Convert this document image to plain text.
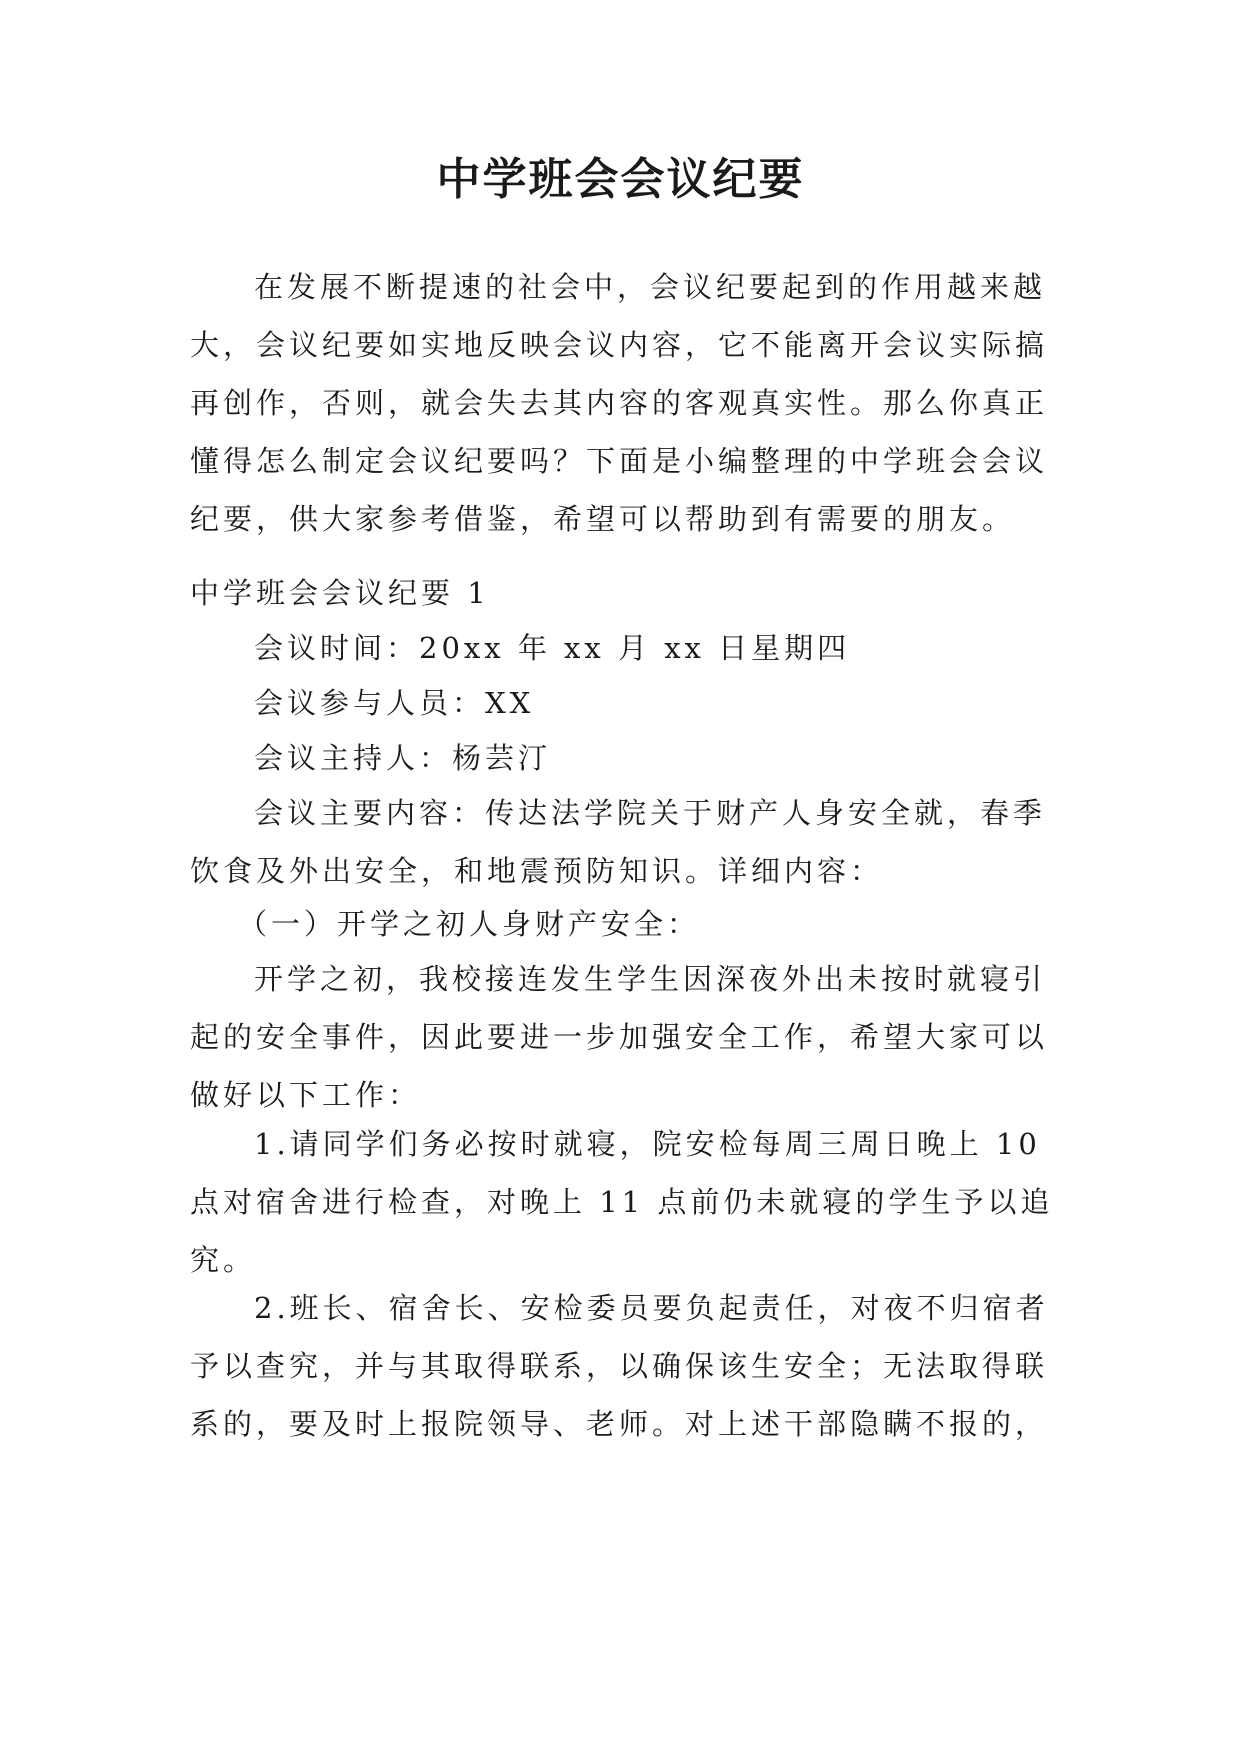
中学班会会议纪要

在发展不断提速的社会中，会议纪要起到的作用越来越大，会议纪要如实地反映会议内容，它不能离开会议实际搞再创作，否则，就会失去其内容的客观真实性。那么你真正懂得怎么制定会议纪要吗？下面是小编整理的中学班会会议纪要，供大家参考借鉴，希望可以帮助到有需要的朋友。

中学班会会议纪要 1

会议时间：20xx 年 xx 月 xx 日星期四

会议参与人员：XX

会议主持人：杨芸汀

会议主要内容：传达法学院关于财产人身安全就，春季饮食及外出安全，和地震预防知识。详细内容：

（一）开学之初人身财产安全：

开学之初，我校接连发生学生因深夜外出未按时就寝引起的安全事件，因此要进一步加强安全工作，希望大家可以做好以下工作：

1.请同学们务必按时就寝，院安检每周三周日晚上 10 点对宿舍进行检查，对晚上 11 点前仍未就寝的学生予以追究。

2.班长、宿舍长、安检委员要负起责任，对夜不归宿者予以查究，并与其取得联系，以确保该生安全；无法取得联系的，要及时上报院领导、老师。对上述干部隐瞒不报的，
